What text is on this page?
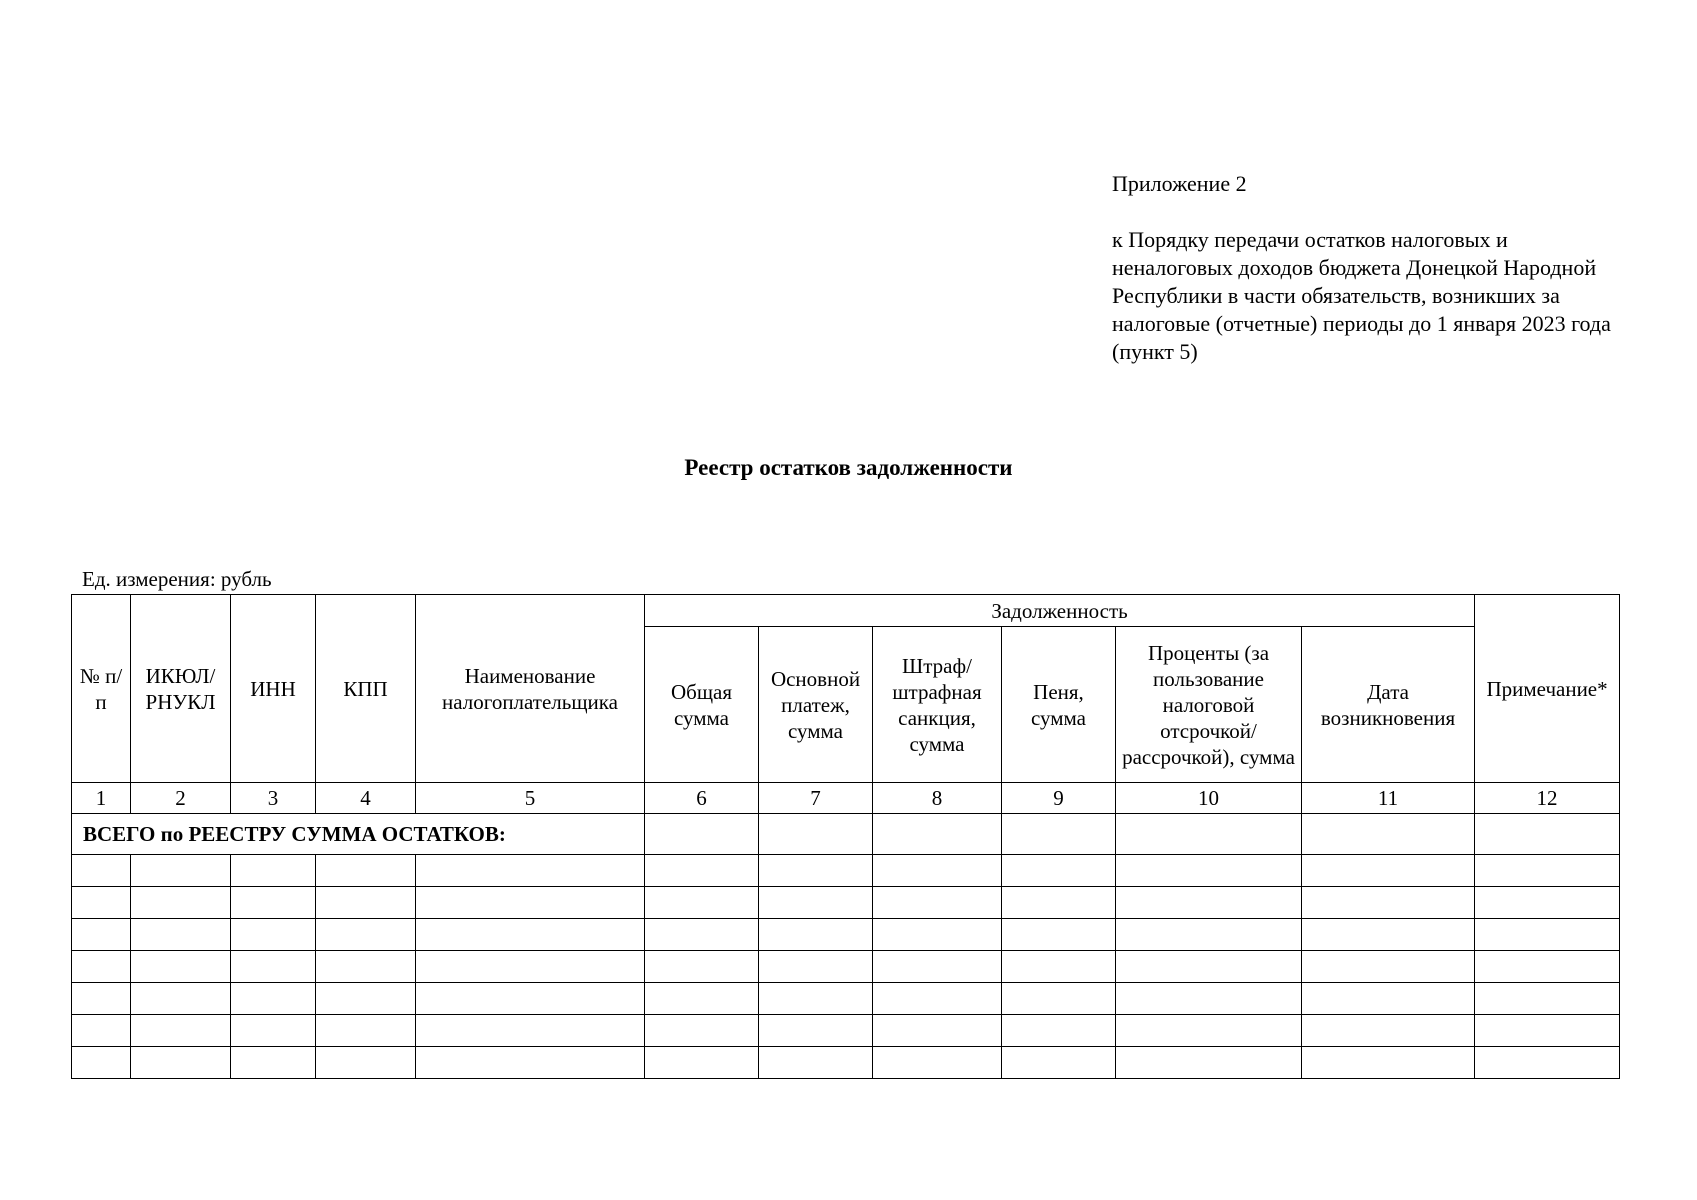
Приложение 2

к Порядку передачи остатков налоговых и неналоговых доходов бюджета Донецкой Народной Республики в части обязательств, возникших за налоговые (отчетные) периоды до 1 января 2023 года (пункт 5)

Реестр остатков задолженности
Ед. измерения: рубль
№ п/п	ИКЮЛ/ РНУКЛ	ИНН	КПП	Наименование налогоплательщика	Задолженность						Примечание*
					Общая сумма	Основной платеж, сумма	Штраф/ штрафная санкция, сумма	Пеня, сумма	Проценты (за пользование налоговой отсрочкой/ рассрочкой), сумма	Дата возникновения	
1	2	3	4	5	6	7	8	9	10	11	12
ВСЕГО по РЕЕСТРУ СУММА ОСТАТКОВ:											
